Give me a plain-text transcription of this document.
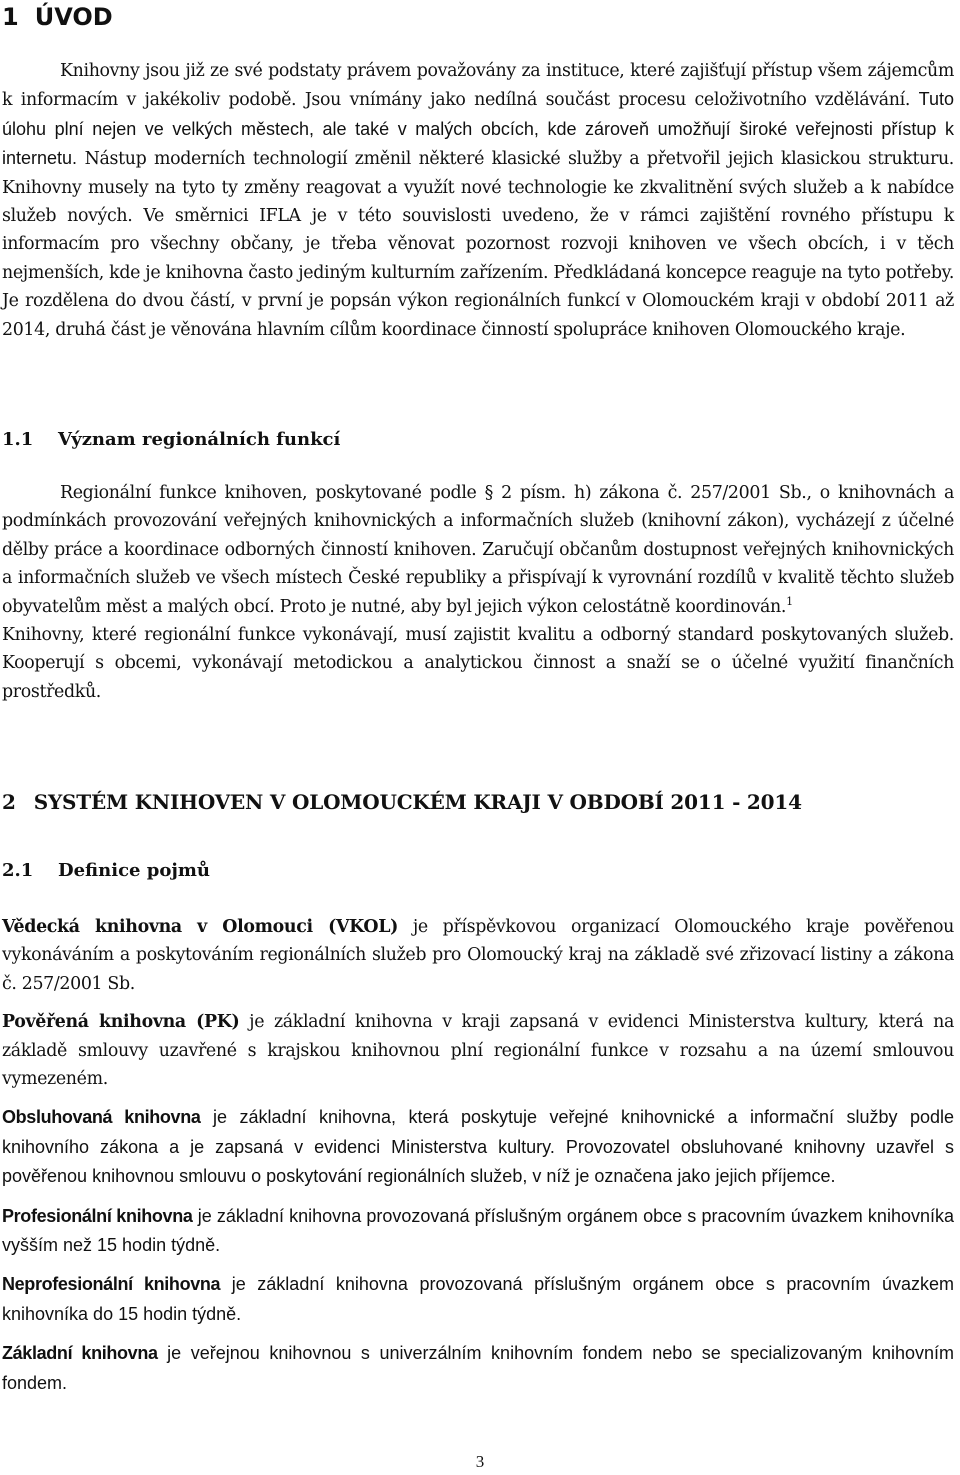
1 ÚVOD

Knihovny jsou již ze své podstaty právem považovány za instituce, které zajišťují přístup všem zájemcům k informacím v jakékoliv podobě. Jsou vnímány jako nedílná součást procesu celoživotního vzdělávání. Tuto úlohu plní nejen ve velkých městech, ale také v malých obcích, kde zároveň umožňují široké veřejnosti přístup k internetu. Nástup moderních technologií změnil některé klasické služby a přetvořil jejich klasickou strukturu. Knihovny musely na tyto ty změny reagovat a využít nové technologie ke zkvalitnění svých služeb a k nabídce služeb nových. Ve směrnici IFLA je v této souvislosti uvedeno, že v rámci zajištění rovného přístupu k informacím pro všechny občany, je třeba věnovat pozornost rozvoji knihoven ve všech obcích, i v těch nejmenších, kde je knihovna často jediným kulturním zařízením. Předkládaná koncepce reaguje na tyto potřeby. Je rozdělena do dvou částí, v první je popsán výkon regionálních funkcí v Olomouckém kraji v období 2011 až 2014, druhá část je věnována hlavním cílům koordinace činností spolupráce knihoven Olomouckého kraje.

1.1 Význam regionálních funkcí

Regionální funkce knihoven, poskytované podle § 2 písm. h) zákona č. 257/2001 Sb., o knihovnách a podmínkách provozování veřejných knihovnických a informačních služeb (knihovní zákon), vycházejí z účelné dělby práce a koordinace odborných činností knihoven. Zaručují občanům dostupnost veřejných knihovnických a informačních služeb ve všech místech České republiky a přispívají k vyrovnání rozdílů v kvalitě těchto služeb obyvatelům měst a malých obcí. Proto je nutné, aby byl jejich výkon celostátně koordinován.$^1$

Knihovny, které regionální funkce vykonávají, musí zajistit kvalitu a odborný standard poskytovaných služeb. Kooperují s obcemi, vykonávají metodickou a analytickou činnost a snaží se o účelné využití finančních prostředků.

2 SYSTÉM KNIHOVEN V OLOMOUCKÉM KRAJI V OBDOBÍ 2011 - 2014
2.1 Definice pojmů

Vědecká knihovna v Olomouci (VKOL) je příspěvkovou organizací Olomouckého kraje pověřenou vykonáváním a poskytováním regionálních služeb pro Olomoucký kraj na základě své zřizovací listiny a zákona č. 257/2001 Sb.

Pověřená knihovna (PK) je základní knihovna v kraji zapsaná v evidenci Ministerstva kultury, která na základě smlouvy uzavřené s krajskou knihovnou plní regionální funkce v rozsahu a na území smlouvou vymezeném.

Obsluhovaná knihovna je základní knihovna, která poskytuje veřejné knihovnické a informační služby podle knihovního zákona a je zapsaná v evidenci Ministerstva kultury. Provozovatel obsluhované knihovny uzavřel s pověřenou knihovnou smlouvu o poskytování regionálních služeb, v níž je označena jako jejich příjemce.

Profesionální knihovna je základní knihovna provozovaná příslušným orgánem obce s pracovním úvazkem knihovníka vyšším než 15 hodin týdně.

Neprofesionální knihovna je základní knihovna provozovaná příslušným orgánem obce s pracovním úvazkem knihovníka do 15 hodin týdně.

Základní knihovna je veřejnou knihovnou s univerzálním knihovním fondem nebo se specializovaným knihovním fondem.

3
